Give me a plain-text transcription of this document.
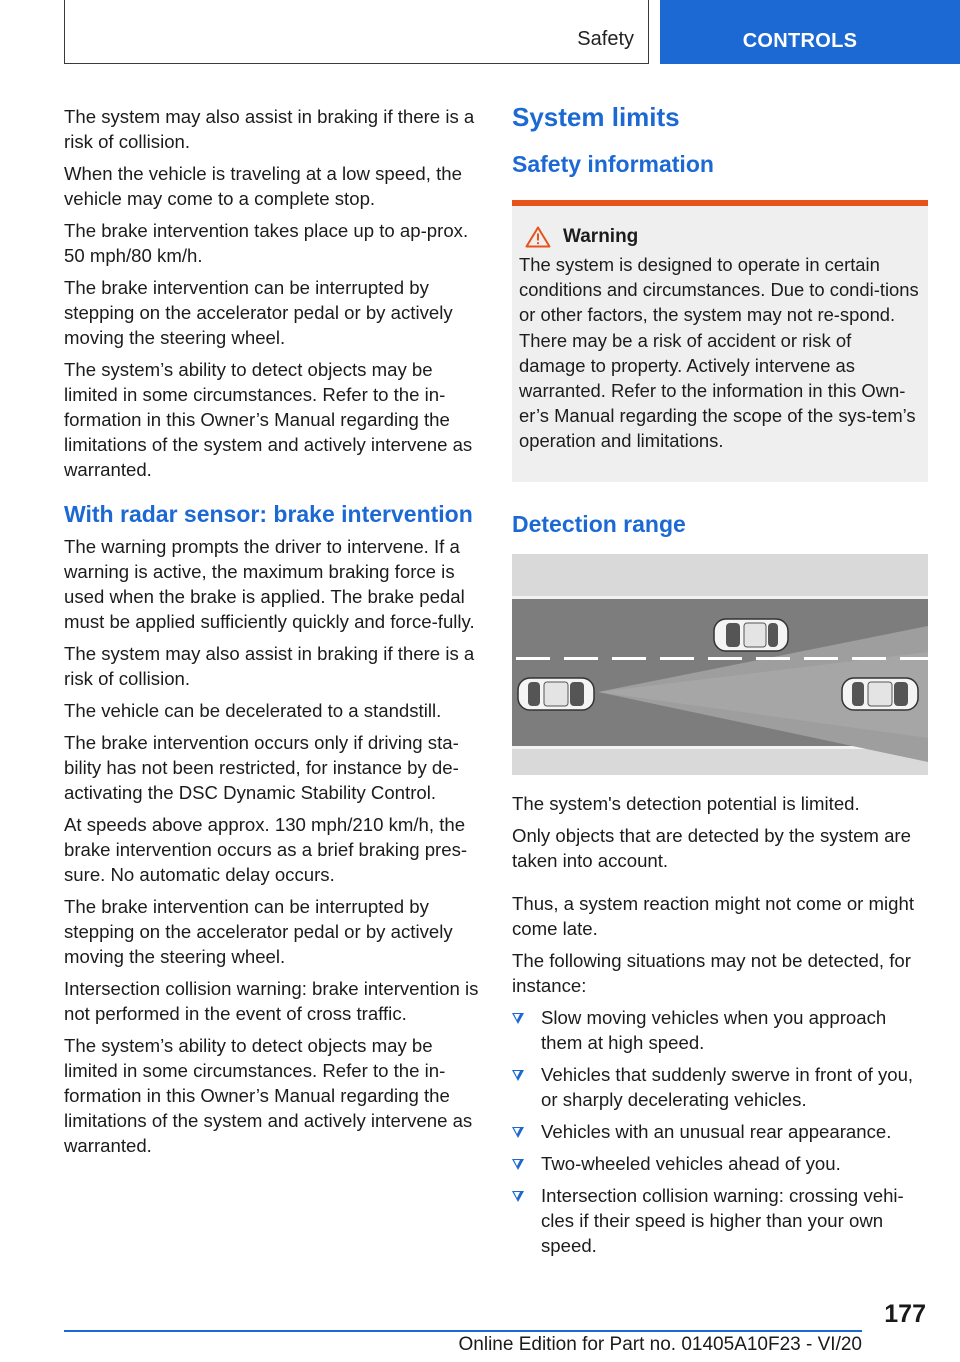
Safety	CONTROLS

The system may also assist in braking if there is a risk of collision.

When the vehicle is traveling at a low speed, the vehicle may come to a complete stop.

The brake intervention takes place up to ap‐prox. 50 mph/80 km/h.

The brake intervention can be interrupted by stepping on the accelerator pedal or by actively moving the steering wheel.

The system’s ability to detect objects may be limited in some circumstances. Refer to the in‐formation in this Owner’s Manual regarding the limitations of the system and actively intervene as warranted.

With radar sensor: brake intervention

The warning prompts the driver to intervene. If a warning is active, the maximum braking force is used when the brake is applied. The brake pedal must be applied sufficiently quickly and force‐fully.

The system may also assist in braking if there is a risk of collision.

The vehicle can be decelerated to a standstill.

The brake intervention occurs only if driving sta‐bility has not been restricted, for instance by de‐activating the DSC Dynamic Stability Control.

At speeds above approx. 130 mph/210 km/h, the brake intervention occurs as a brief braking pres‐sure. No automatic delay occurs.

The brake intervention can be interrupted by stepping on the accelerator pedal or by actively moving the steering wheel.

Intersection collision warning: brake intervention is not performed in the event of cross traffic.

The system’s ability to detect objects may be limited in some circumstances. Refer to the in‐formation in this Owner’s Manual regarding the limitations of the system and actively intervene as warranted.

System limits
Safety information
Warning

The system is designed to operate in certain conditions and circumstances. Due to condi‐tions or other factors, the system may not re‐spond. There may be a risk of accident or risk of damage to property. Actively intervene as warranted. Refer to the information in this Own‐er’s Manual regarding the scope of the sys‐tem’s operation and limitations.

Detection range

The system's detection potential is limited.

Only objects that are detected by the system are taken into account.

Thus, a system reaction might not come or might come late.

The following situations may not be detected, for instance:

Slow moving vehicles when you approach them at high speed.
Vehicles that suddenly swerve in front of you, or sharply decelerating vehicles.
Vehicles with an unusual rear appearance.
Two-wheeled vehicles ahead of you.
Intersection collision warning: crossing vehi‐cles if their speed is higher than your own speed.
177
Online Edition for Part no. 01405A10F23 - VI/20
